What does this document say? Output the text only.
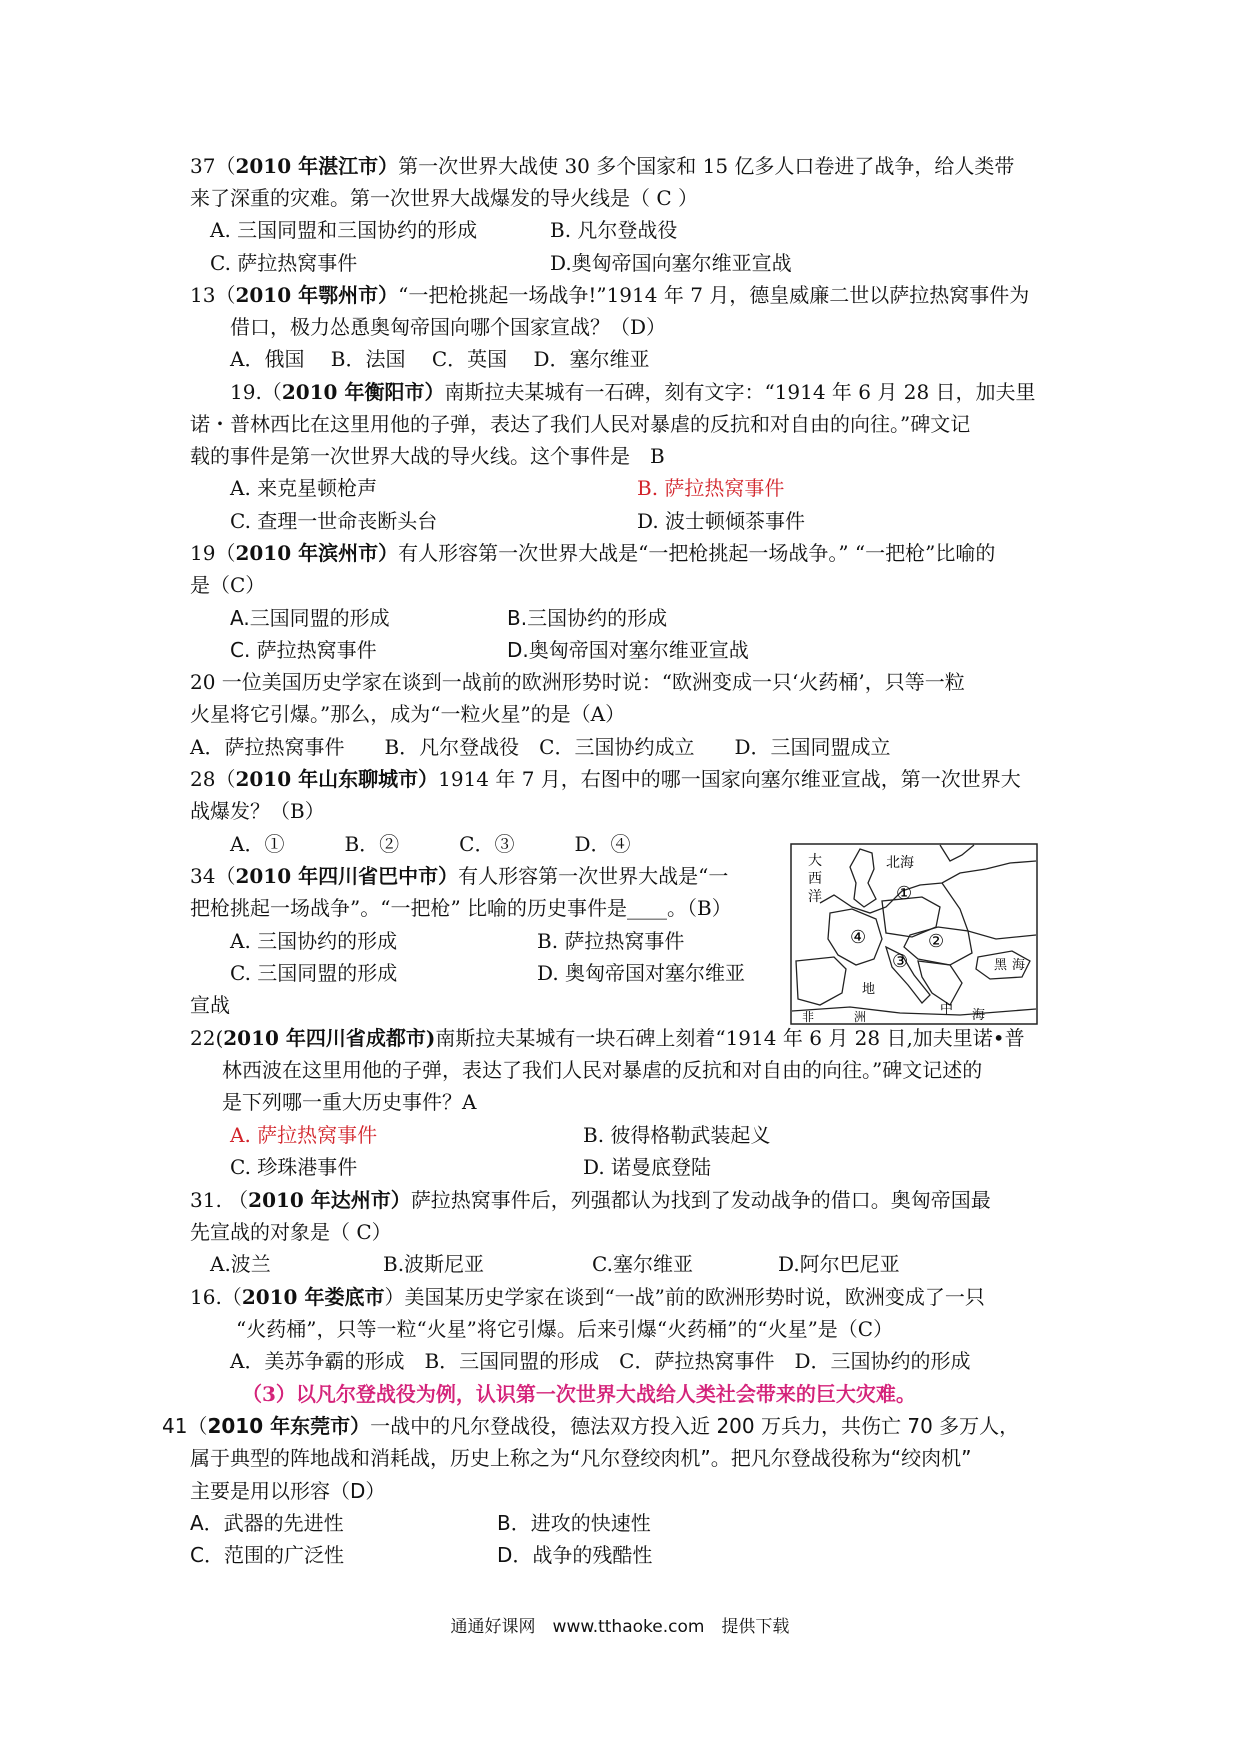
37（2010 年湛江市）第一次世界大战使 30 多个国家和 15 亿多人口卷进了战争，给人类带
来了深重的灾难。第一次世界大战爆发的导火线是（ C ）
A. 三国同盟和三国协约的形成	B. 凡尔登战役
C. 萨拉热窝事件	D.奥匈帝国向塞尔维亚宣战
13（2010 年鄂州市）“一把枪挑起一场战争!”1914 年 7 月，德皇威廉二世以萨拉热窝事件为
借口，极力怂恿奥匈帝国向哪个国家宣战？（D）
A．俄国　 B．法国　 C．英国　 D．塞尔维亚
19.（2010 年衡阳市）南斯拉夫某城有一石碑，刻有文字：“1914 年 6 月 28 日，加夫里
诺・普林西比在这里用他的子弹，表达了我们人民对暴虐的反抗和对自由的向往。”碑文记
载的事件是第一次世界大战的导火线。这个事件是　B
A. 来克星顿枪声	B. 萨拉热窝事件
C. 查理一世命丧断头台	D. 波士顿倾茶事件
19（2010 年滨州市）有人形容第一次世界大战是“一把枪挑起一场战争。” “一把枪”比喻的
是（C）
A.三国同盟的形成	B.三国协约的形成
C. 萨拉热窝事件	D.奥匈帝国对塞尔维亚宣战
20 一位美国历史学家在谈到一战前的欧洲形势时说：“欧洲变成一只‘火药桶’，只等一粒
火星将它引爆。”那么，成为“一粒火星”的是（A）
A．萨拉热窝事件　　B．凡尔登战役　C．三国协约成立　　D．三国同盟成立
28（2010 年山东聊城市）1914 年 7 月，右图中的哪一国家向塞尔维亚宣战，第一次世界大
战爆发？（B）
A．①　　　B．②　　　C．③　　　D．④
34（2010 年四川省巴中市）有人形容第一次世界大战是“一
把枪挑起一场战争”。“一把枪” 比喻的历史事件是____。（B）
A. 三国协约的形成	B. 萨拉热窝事件
C. 三国同盟的形成	D. 奥匈帝国对塞尔维亚
宣战
大
西
洋
北海
黑 海
地
中 海
非	洲
①
②
③
④
22(2010 年四川省成都市)南斯拉夫某城有一块石碑上刻着“1914 年 6 月 28 日,加夫里诺•普
林西波在这里用他的子弹，表达了我们人民对暴虐的反抗和对自由的向往。”碑文记述的
是下列哪一重大历史事件？A
A. 萨拉热窝事件	B. 彼得格勒武装起义
C. 珍珠港事件	D. 诺曼底登陆
31. （2010 年达州市）萨拉热窝事件后，列强都认为找到了发动战争的借口。奥匈帝国最
先宣战的对象是（ C）
A.波兰	B.波斯尼亚	C.塞尔维亚	D.阿尔巴尼亚
16.（2010 年娄底市）美国某历史学家在谈到“一战”前的欧洲形势时说，欧洲变成了一只
“火药桶”，只等一粒“火星”将它引爆。后来引爆“火药桶”的“火星”是（C）
A．美苏争霸的形成　B．三国同盟的形成　C．萨拉热窝事件　D．三国协约的形成
（3）以凡尔登战役为例，认识第一次世界大战给人类社会带来的巨大灾难。
41（2010 年东莞市）一战中的凡尔登战役，德法双方投入近 200 万兵力，共伤亡 70 多万人，
属于典型的阵地战和消耗战，历史上称之为“凡尔登绞肉机”。把凡尔登战役称为“绞肉机”
主要是用以形容（D）
A．武器的先进性	B．进攻的快速性
C．范围的广泛性	D．战争的残酷性
通通好课网　www.tthaoke.com　提供下载
